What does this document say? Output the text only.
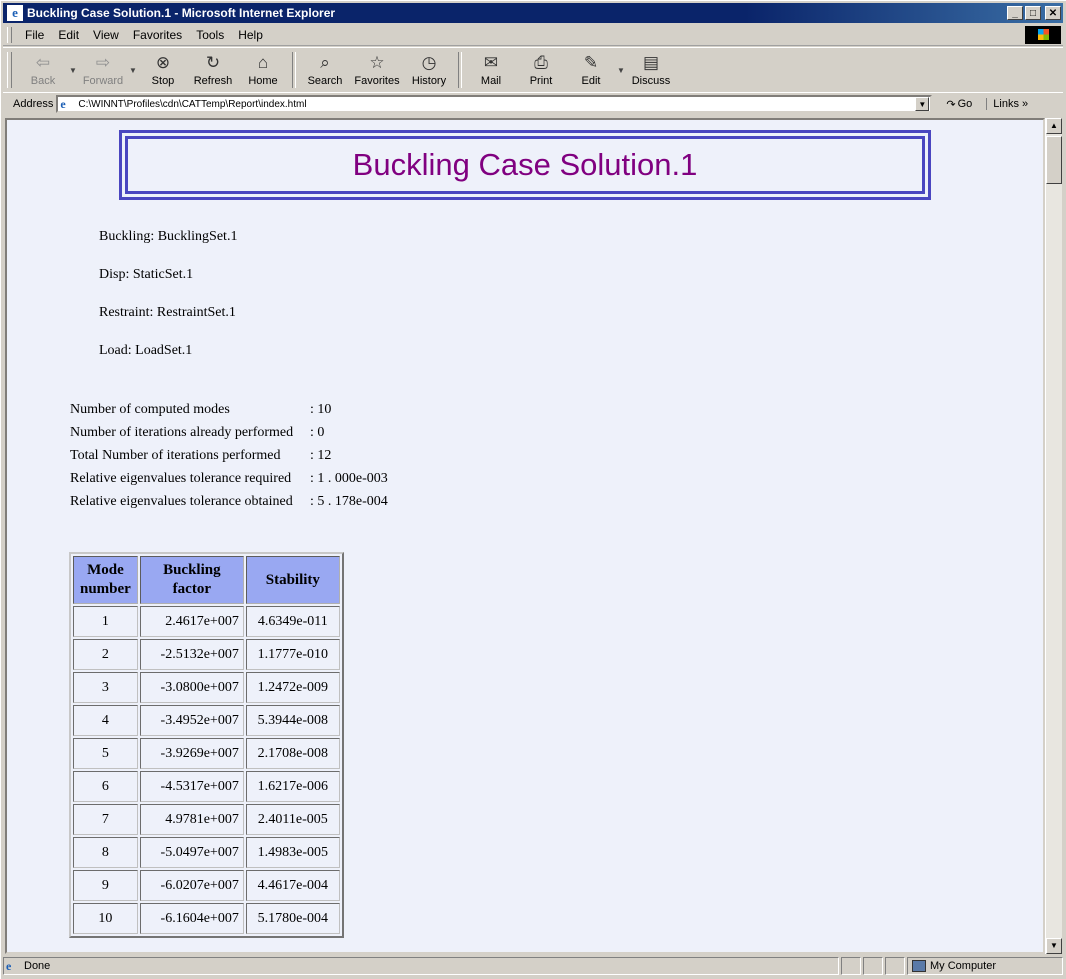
e Buckling Case Solution.1 - Microsoft Internet Explorer	_	□	✕
File	Edit	View	Favorites	Tools	Help
⇦
Back
▼ ⇨
Forward
▼ ⊗
Stop
↻
Refresh
⌂
Home
⌕
Search
☆
Favorites
◷
History
✉
Mail
⎙
Print
✎
Edit
▼ ▤
Discuss
Address e	C:\WINNT\Profiles\cdn\CATTemp\Report\index.html	▼ ↷ Go	Links »
Buckling Case Solution.1
Buckling: BucklingSet.1
Disp: StaticSet.1
Restraint: RestraintSet.1
Load: LoadSet.1
Number of computed modes	: 10
Number of iterations already performed : 0
Total Number of iterations performed : 12
Relative eigenvalues tolerance required : 1 . 000e-003
Relative eigenvalues tolerance obtained : 5 . 178e-004
Mode number	Buckling factor	Stability
1	2.4617e+007	4.6349e-011
2	-2.5132e+007	1.1777e-010
3	-3.0800e+007	1.2472e-009
4	-3.4952e+007	5.3944e-008
5	-3.9269e+007	2.1708e-008
6	-4.5317e+007	1.6217e-006
7	4.9781e+007	2.4011e-005
8	-5.0497e+007	1.4983e-005
9	-6.0207e+007	4.4617e-004
10	-6.1604e+007	5.1780e-004
▲
▼
e	Done	My Computer
